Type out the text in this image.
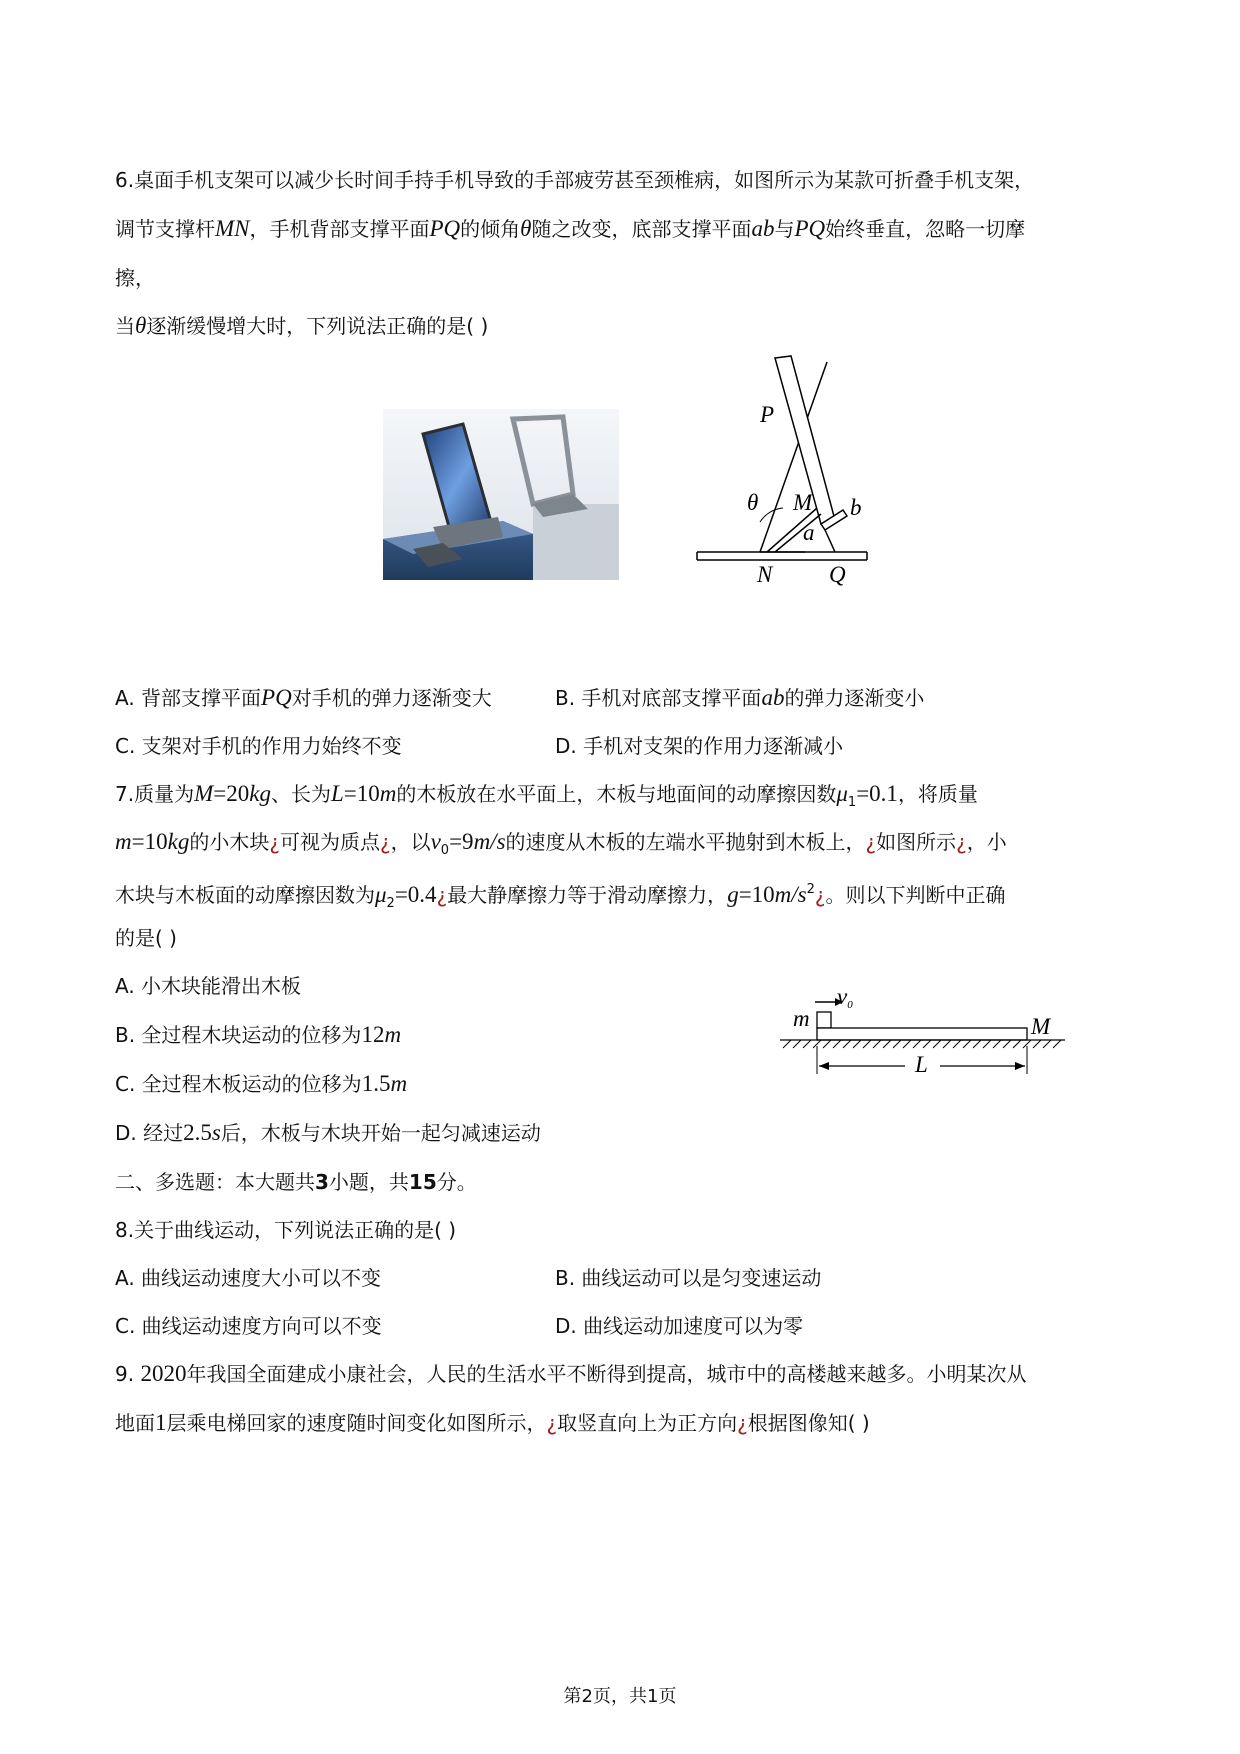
6.桌面手机支架可以减少长时间手持手机导致的手部疲劳甚至颈椎病，如图所示为某款可折叠手机支架，
调节支撑杆MN，手机背部支撑平面PQ的倾角θ随之改变，底部支撑平面ab与PQ始终垂直，忽略一切摩
擦，
当θ逐渐缓慢增大时，下列说法正确的是( )
P
θ M
a
b
N Q
A. 背部支撑平面PQ对手机的弹力逐渐变大	B. 手机对底部支撑平面ab的弹力逐渐变小
C. 支架对手机的作用力始终不变	D. 手机对支架的作用力逐渐减小
7.质量为M=20kg、长为L=10m的木板放在水平面上，木板与地面间的动摩擦因数$\mu_1=0.1$，将质量
m=10kg的小木块¿可视为质点¿，以$v_0=9m/s$的速度从木板的左端水平抛射到木板上，¿如图所示¿，小
木块与木板面的动摩擦因数为$\mu_2=0.4¿$最大静摩擦力等于滑动摩擦力，$g=10m/s^2¿$。则以下判断中正确
的是( )
A. 小木块能滑出木板
B. 全过程木块运动的位移为12m
C. 全过程木板运动的位移为1.5m
D. 经过2.5s后，木板与木块开始一起匀减速运动
v0
m	M
L
二、多选题：本大题共3小题，共15分。
8.关于曲线运动，下列说法正确的是( )
A. 曲线运动速度大小可以不变	B. 曲线运动可以是匀变速运动
C. 曲线运动速度方向可以不变	D. 曲线运动加速度可以为零
9. 2020年我国全面建成小康社会，人民的生活水平不断得到提高，城市中的高楼越来越多。小明某次从
地面1层乘电梯回家的速度随时间变化如图所示，¿取竖直向上为正方向¿根据图像知( )
第2页，共1页
